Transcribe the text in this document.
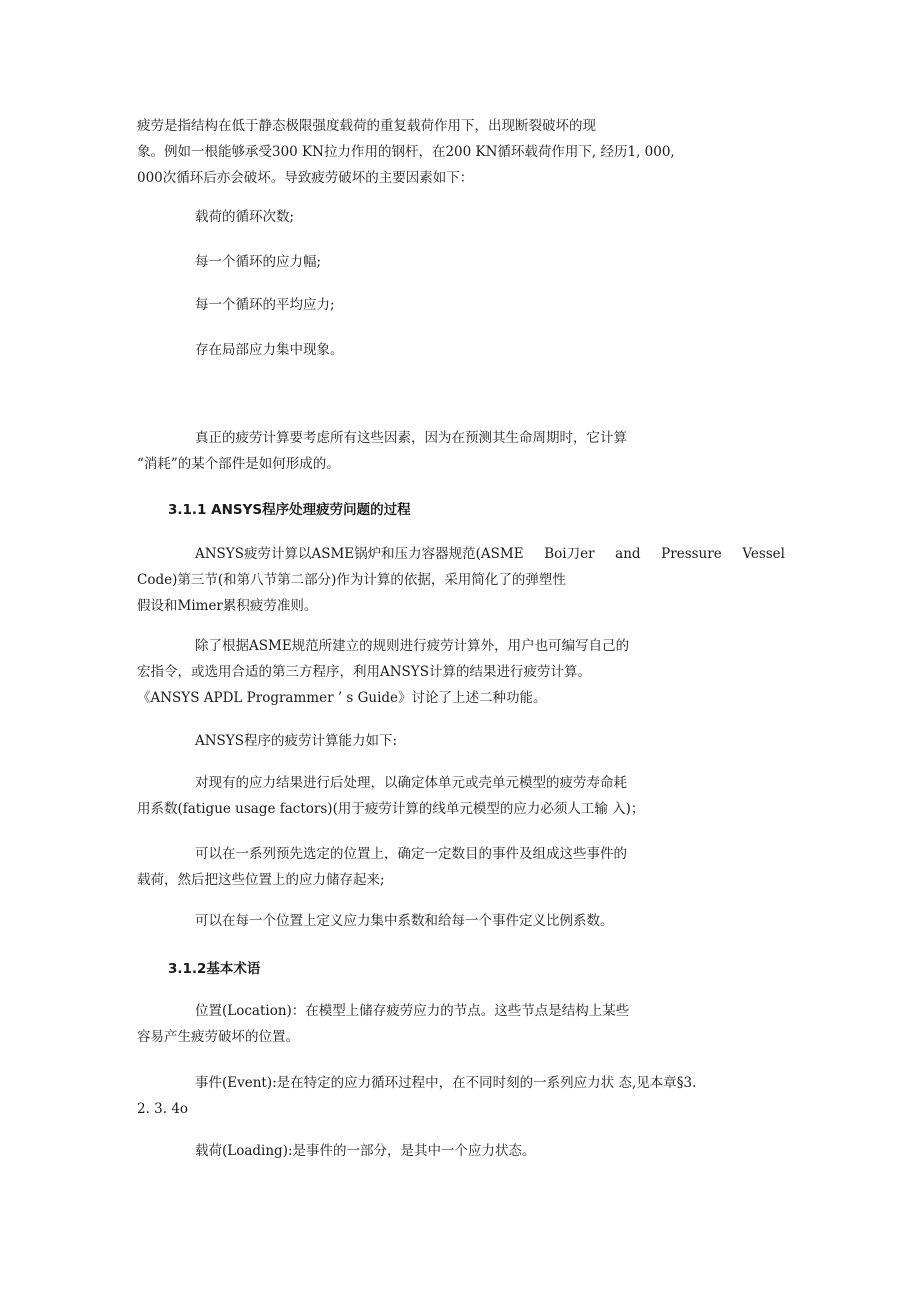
疲劳是指结构在低于静态极限强度载荷的重复载荷作用下，出现断裂破坏的现
象。例如一根能够承受300 KN拉力作用的钢杆，在200 KN循环载荷作用下, 经历1, 000,
000次循环后亦会破坏。导致疲劳破坏的主要因素如下：
载荷的循环次数;
每一个循环的应力幅;
每一个循环的平均应力;
存在局部应力集中现象。
真正的疲劳计算要考虑所有这些因素，因为在预测其生命周期时，它计算
“消耗”的某个部件是如何形成的。
3.1.1 ANSYS程序处理疲劳问题的过程
ANSYS疲劳计算以ASME锅炉和压力容器规范(ASME Boi刀er and Pressure Vessel
Code)第三节(和第八节第二部分)作为计算的依据，采用简化了的弹塑性
假设和Mimer累积疲劳准则。
除了根据ASME规范所建立的规则进行疲劳计算外，用户也可编写自己的
宏指令，或选用合适的第三方程序，利用ANSYS计算的结果进行疲劳计算。
《ANSYS APDL Programmer ’ s Guide》讨论了上述二种功能。
ANSYS程序的疲劳计算能力如下:
对现有的应力结果进行后处理，以确定体单元或壳单元模型的疲劳寿命耗
用系数(fatigue usage factors)(用于疲劳计算的线单元模型的应力必须人工输 入)；
可以在一系列预先选定的位置上，确定一定数目的事件及组成这些事件的
载荷，然后把这些位置上的应力储存起来;
可以在每一个位置上定义应力集中系数和给每一个事件定义比例系数。
3.1.2基本术语
位置(Location)：在模型上储存疲劳应力的节点。这些节点是结构上某些
容易产生疲劳破坏的位置。
事件(Event):是在特定的应力循环过程中，在不同时刻的一系列应力状 态,见本章§3.
2. 3. 4o
载荷(Loading):是事件的一部分，是其中一个应力状态。
